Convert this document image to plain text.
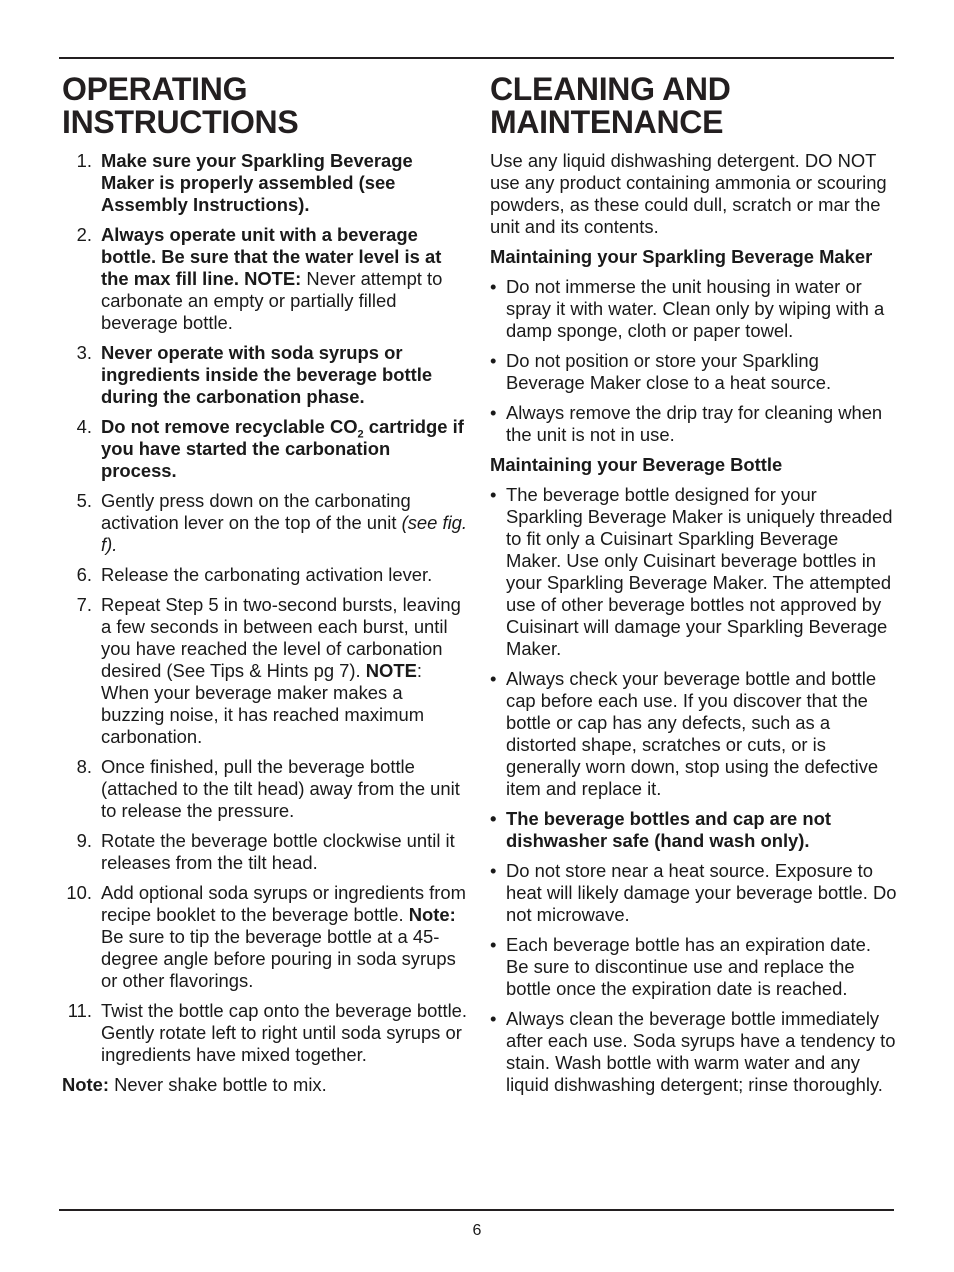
OPERATING
INSTRUCTIONS
1. Make sure your Sparkling Beverage Maker is properly assembled (see Assembly Instructions).
2. Always operate unit with a beverage bottle. Be sure that the water level is at the max fill line. NOTE: Never attempt to carbonate an empty or partially filled beverage bottle.
3. Never operate with soda syrups or ingredients inside the beverage bottle during the carbonation phase.
4. Do not remove recyclable $CO_2$ cartridge if you have started the carbonation process.
5. Gently press down on the carbonating activation lever on the top of the unit (see fig. f).
6. Release the carbonating activation lever.
7. Repeat Step 5 in two-second bursts, leaving a few seconds in between each burst, until you have reached the level of carbonation desired (See Tips & Hints pg 7). NOTE: When your beverage maker makes a buzzing noise, it has reached maximum carbonation.
8. Once finished, pull the beverage bottle (attached to the tilt head) away from the unit to release the pressure.
9. Rotate the beverage bottle clockwise until it releases from the tilt head.
10. Add optional soda syrups or ingredients from recipe booklet to the beverage bottle. Note: Be sure to tip the beverage bottle at a 45-degree angle before pouring in soda syrups or other flavorings.
11. Twist the bottle cap onto the beverage bottle. Gently rotate left to right until soda syrups or ingredients have mixed together.
Note: Never shake bottle to mix.
CLEANING AND
MAINTENANCE

Use any liquid dishwashing detergent. DO NOT use any product containing ammonia or scouring powders, as these could dull, scratch or mar the unit and its contents.

Maintaining your Sparkling Beverage Maker
• Do not immerse the unit housing in water or spray it with water. Clean only by wiping with a damp sponge, cloth or paper towel.
• Do not position or store your Sparkling Beverage Maker close to a heat source.
• Always remove the drip tray for cleaning when the unit is not in use.
Maintaining your Beverage Bottle
• The beverage bottle designed for your Sparkling Beverage Maker is uniquely threaded to fit only a Cuisinart Sparkling Beverage Maker. Use only Cuisinart beverage bottles in your Sparkling Beverage Maker. The attempted use of other beverage bottles not approved by Cuisinart will damage your Sparkling Beverage Maker.
• Always check your beverage bottle and bottle cap before each use. If you discover that the bottle or cap has any defects, such as a distorted shape, scratches or cuts, or is generally worn down, stop using the defective item and replace it.
• The beverage bottles and cap are not dishwasher safe (hand wash only).
• Do not store near a heat source. Exposure to heat will likely damage your beverage bottle. Do not microwave.
• Each beverage bottle has an expiration date. Be sure to discontinue use and replace the bottle once the expiration date is reached.
• Always clean the beverage bottle immediately after each use. Soda syrups have a tendency to stain. Wash bottle with warm water and any liquid dishwashing detergent; rinse thoroughly.
6
